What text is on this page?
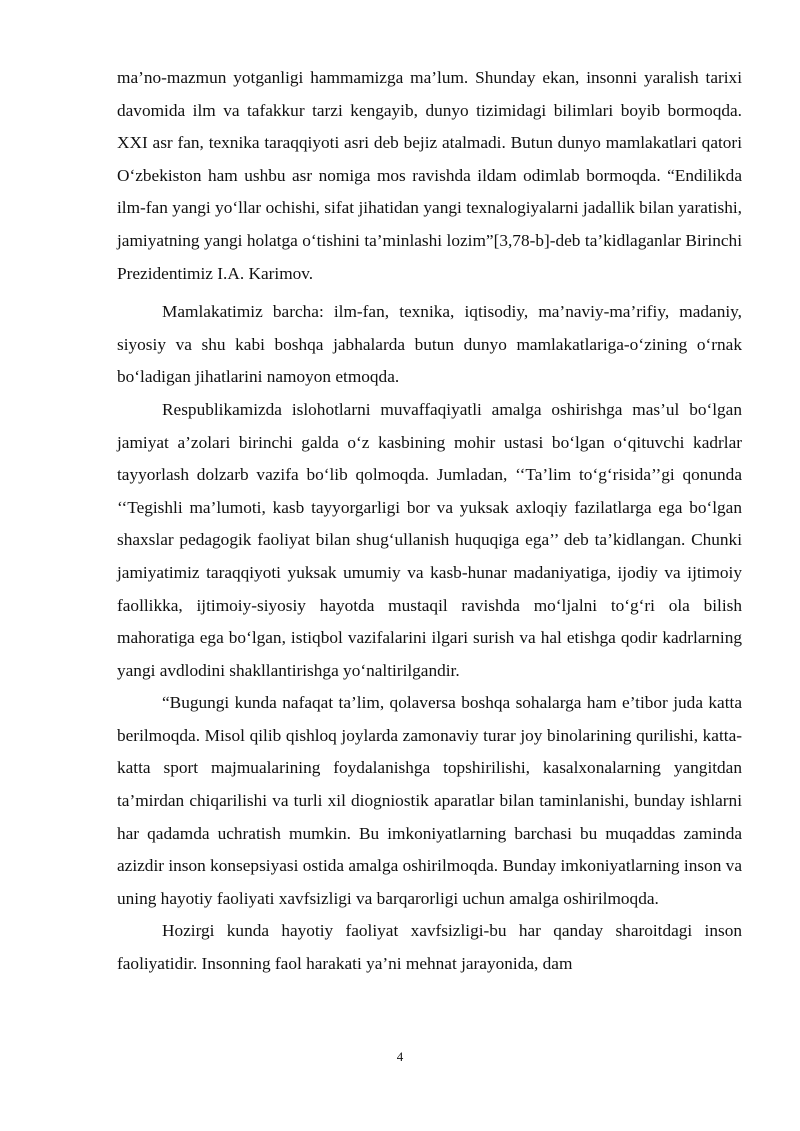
ma’no-mazmun yotganligi hammamizga ma’lum. Shunday ekan, insonni yaralish tarixi davomida ilm va tafakkur tarzi kengayib, dunyo tizimidagi bilimlari boyib bormoqda. XXI asr fan, texnika taraqqiyoti asri deb bejiz atalmadi. Butun dunyo mamlakatlari qatori O‘zbekiston ham ushbu asr nomiga mos ravishda ildam odimlab bormoqda. “Endilikda ilm-fan yangi yo‘llar ochishi, sifat jihatidan yangi texnalogiyalarni jadallik bilan yaratishi, jamiyatning yangi holatga o‘tishini ta’minlashi lozim”[3,78-b]-deb ta’kidlaganlar Birinchi Prezidentimiz I.A. Karimov.

Mamlakatimiz barcha: ilm-fan, texnika, iqtisodiy, ma’naviy-ma’rifiy, madaniy, siyosiy va shu kabi boshqa jabhalarda butun dunyo mamlakatlariga-o‘zining o‘rnak bo‘ladigan jihatlarini namoyon etmoqda.

Respublikamizda islohotlarni muvaffaqiyatli amalga oshirishga mas’ul bo‘lgan jamiyat a’zolari birinchi galda o‘z kasbining mohir ustasi bo‘lgan o‘qituvchi kadrlar tayyorlash dolzarb vazifa bo‘lib qolmoqda. Jumladan, ‘‘Ta’lim to‘g‘risida’’gi qonunda ‘‘Tegishli ma’lumoti, kasb tayyorgarligi bor va yuksak axloqiy fazilatlarga ega bo‘lgan shaxslar pedagogik faoliyat bilan shug‘ullanish huquqiga ega’’ deb ta’kidlangan. Chunki jamiyatimiz taraqqiyoti yuksak umumiy va kasb-hunar madaniyatiga, ijodiy va ijtimoiy faollikka, ijtimoiy-siyosiy hayotda mustaqil ravishda mo‘ljalni to‘g‘ri ola bilish mahoratiga ega bo‘lgan, istiqbol vazifalarini ilgari surish va hal etishga qodir kadrlarning yangi avdlodini shakllantirishga yo‘naltirilgandir.

“Bugungi kunda nafaqat ta’lim, qolaversa boshqa sohalarga ham e’tibor juda katta berilmoqda. Misol qilib qishloq joylarda zamonaviy turar joy binolarining qurilishi, katta-katta sport majmualarining foydalanishga topshirilishi, kasalxonalarning yangitdan ta’mirdan chiqarilishi va turli xil diogniostik aparatlar bilan taminlanishi, bunday ishlarni har qadamda uchratish mumkin. Bu imkoniyatlarning barchasi bu muqaddas zaminda azizdir inson konsepsiyasi ostida amalga oshirilmoqda. Bunday imkoniyatlarning inson va uning hayotiy faoliyati xavfsizligi va barqarorligi uchun amalga oshirilmoqda.

Hozirgi kunda hayotiy faoliyat xavfsizligi-bu har qanday sharoitdagi inson faoliyatidir. Insonning faol harakati ya’ni mehnat jarayonida, dam

4
